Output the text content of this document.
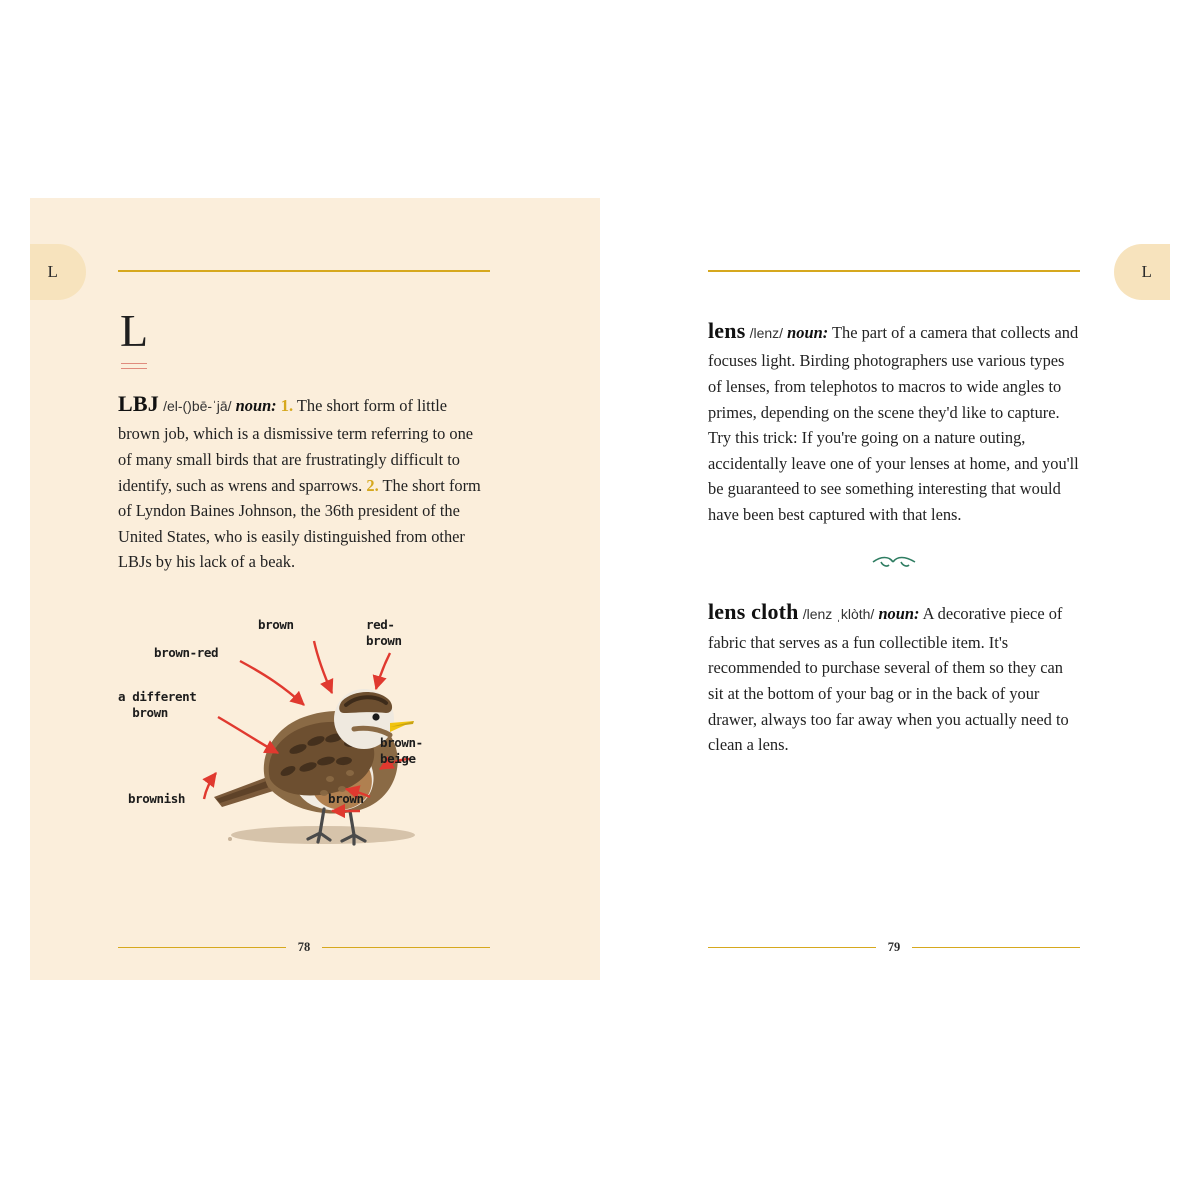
L
L
LBJ /el-()bē-ˈjā/ noun: 1. The short form of little brown job, which is a dismissive term referring to one of many small birds that are frustratingly difficult to identify, such as wrens and sparrows. 2. The short form of Lyndon Baines Johnson, the 36th president of the United States, who is easily distinguished from other LBJs by his lack of a beak.
brown	red-
brown
brown-red
a different
brown
brown-
beige
brownish	brown
78
L
lens /lenz/ noun: The part of a camera that collects and focuses light. Birding photographers use various types of lenses, from telephotos to macros to wide angles to primes, depending on the scene they'd like to capture. Try this trick: If you're going on a nature outing, accidentally leave one of your lenses at home, and you'll be guaranteed to see something interesting that would have been best captured with that lens.
lens cloth /lenz ˌklòth/ noun: A decorative piece of fabric that serves as a fun collectible item. It's recommended to purchase several of them so they can sit at the bottom of your bag or in the back of your drawer, always too far away when you actually need to clean a lens.
79
